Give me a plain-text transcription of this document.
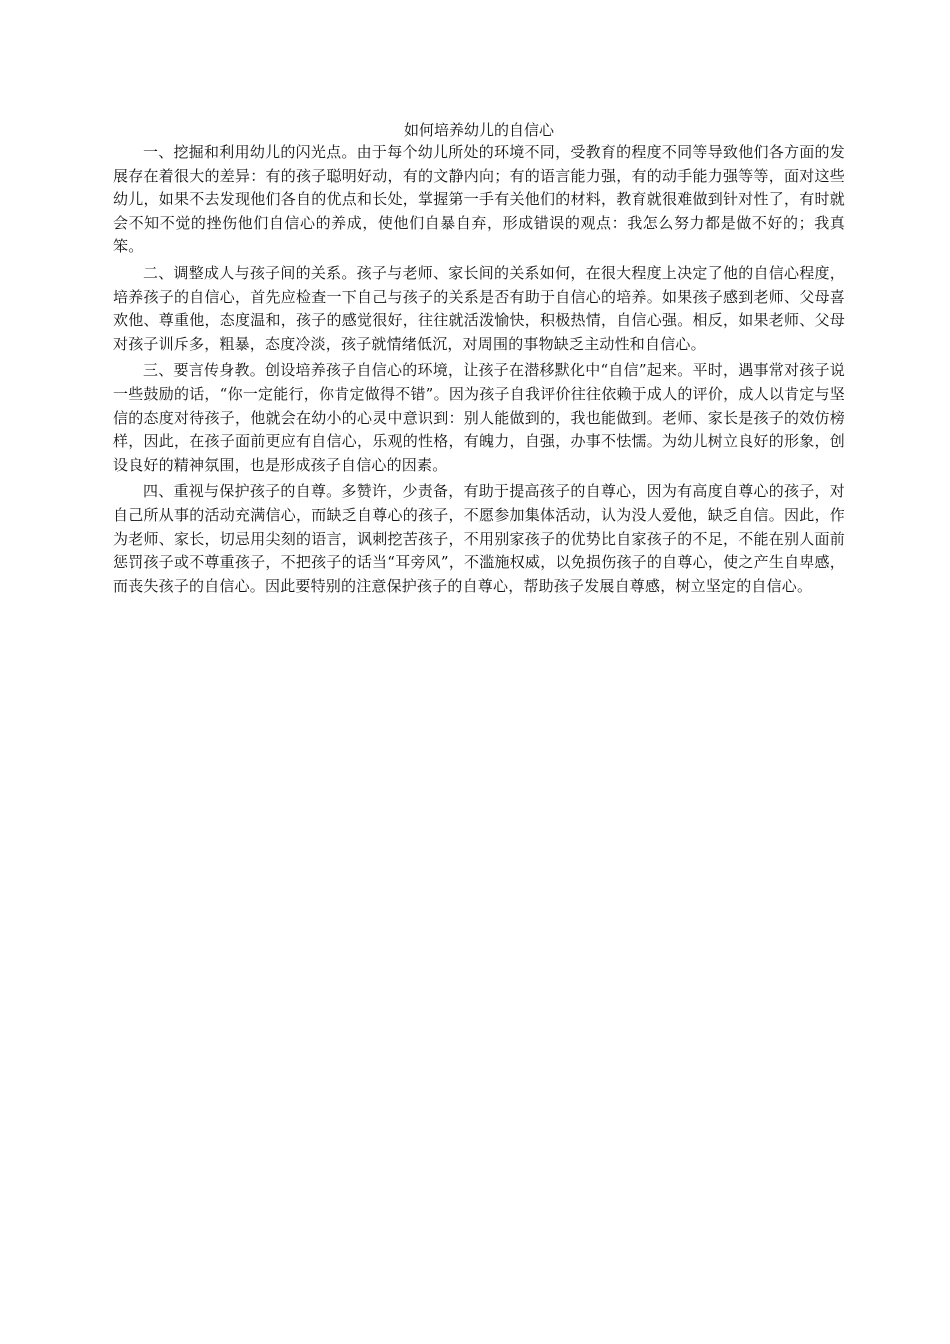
如何培养幼儿的自信心

一、挖掘和利用幼儿的闪光点。由于每个幼儿所处的环境不同，受教育的程度不同等导致他们各方面的发展存在着很大的差异：有的孩子聪明好动，有的文静内向；有的语言能力强，有的动手能力强等等，面对这些幼儿，如果不去发现他们各自的优点和长处，掌握第一手有关他们的材料，教育就很难做到针对性了，有时就会不知不觉的挫伤他们自信心的养成，使他们自暴自弃，形成错误的观点：我怎么努力都是做不好的；我真笨。

二、调整成人与孩子间的关系。孩子与老师、家长间的关系如何，在很大程度上决定了他的自信心程度，培养孩子的自信心，首先应检查一下自己与孩子的关系是否有助于自信心的培养。如果孩子感到老师、父母喜欢他、尊重他，态度温和，孩子的感觉很好，往往就活泼愉快，积极热情，自信心强。相反，如果老师、父母对孩子训斥多，粗暴，态度冷淡，孩子就情绪低沉，对周围的事物缺乏主动性和自信心。

三、要言传身教。创设培养孩子自信心的环境，让孩子在潜移默化中“自信”起来。平时，遇事常对孩子说一些鼓励的话，“你一定能行，你肯定做得不错”。因为孩子自我评价往往依赖于成人的评价，成人以肯定与坚信的态度对待孩子，他就会在幼小的心灵中意识到：别人能做到的，我也能做到。老师、家长是孩子的效仿榜样，因此，在孩子面前更应有自信心，乐观的性格，有魄力，自强，办事不怯懦。为幼儿树立良好的形象，创设良好的精神氛围，也是形成孩子自信心的因素。

四、重视与保护孩子的自尊。多赞许，少责备，有助于提高孩子的自尊心，因为有高度自尊心的孩子，对自己所从事的活动充满信心，而缺乏自尊心的孩子，不愿参加集体活动，认为没人爱他，缺乏自信。因此，作为老师、家长，切忌用尖刻的语言，讽刺挖苦孩子，不用别家孩子的优势比自家孩子的不足，不能在别人面前惩罚孩子或不尊重孩子，不把孩子的话当“耳旁风”，不滥施权威，以免损伤孩子的自尊心，使之产生自卑感，而丧失孩子的自信心。因此要特别的注意保护孩子的自尊心，帮助孩子发展自尊感，树立坚定的自信心。
